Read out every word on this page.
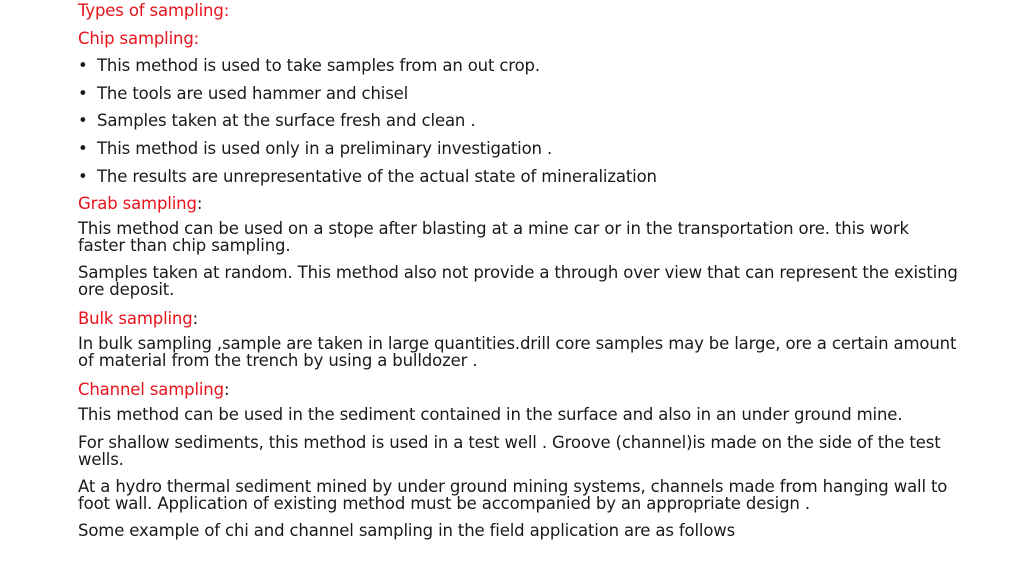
Types of sampling:
Chip sampling:
• This method is used to take samples from an out crop.
• The tools are used hammer and chisel
• Samples taken at the surface fresh and clean .
• This method is used only in a preliminary investigation .
• The results are unrepresentative of the actual state of mineralization
Grab sampling:
This method can be used on a stope after blasting at a mine car or in the transportation ore. this work faster than chip sampling.
Samples taken at random. This method also not provide a through over view that can represent the existing ore deposit.
Bulk sampling:
In bulk sampling ,sample are taken in large quantities.drill core samples may be large, ore a certain amount of material from the trench by using a bulldozer .
Channel sampling:
This method can be used in the sediment contained in the surface and also in an under ground mine.
For shallow sediments, this method is used in a test well . Groove (channel)is made on the side of the test wells.
At a hydro thermal sediment mined by under ground mining systems, channels made from hanging wall to foot wall. Application of existing method must be accompanied by an appropriate design .
Some example of chi and channel sampling in the field application are as follows
